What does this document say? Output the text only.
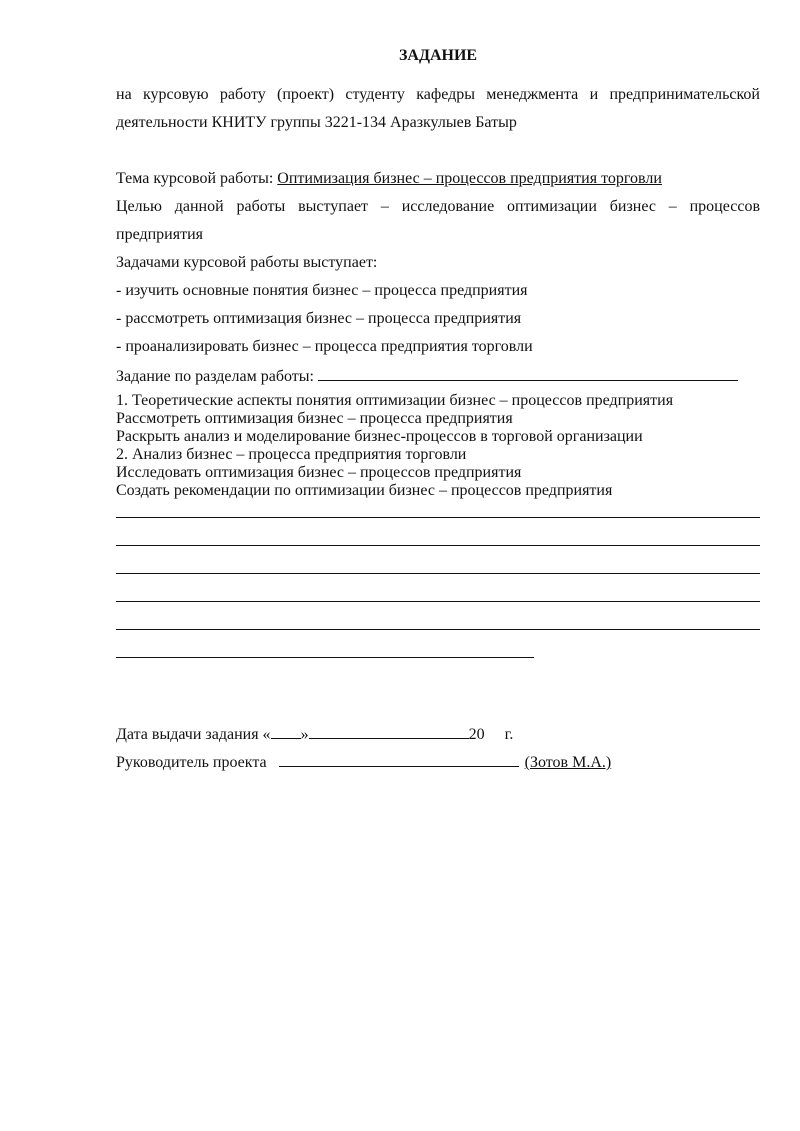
ЗАДАНИЕ
на курсовую работу (проект) студенту кафедры менеджмента и предпринимательской
деятельности КНИТУ группы 3221-134 Аразкулыев Батыр
Тема курсовой работы: Оптимизация бизнес – процессов предприятия торговли
Целью данной работы выступает – исследование оптимизации бизнес – процессов
предприятия
Задачами курсовой работы выступает:
- изучить основные понятия бизнес – процесса предприятия
- рассмотреть оптимизация бизнес – процесса предприятия
- проанализировать бизнес – процесса предприятия торговли
Задание по разделам работы:
1. Теоретические аспекты понятия оптимизации бизнес – процессов предприятия
Рассмотреть оптимизация бизнес – процесса предприятия
Раскрыть анализ и моделирование бизнес-процессов в торговой организации
2. Анализ бизнес – процесса предприятия торговли
Исследовать оптимизация бизнес – процессов предприятия
Создать рекомендации по оптимизации бизнес – процессов предприятия
Дата выдачи задания « »	20 г.
Руководитель проекта	(Зотов М.А.)
